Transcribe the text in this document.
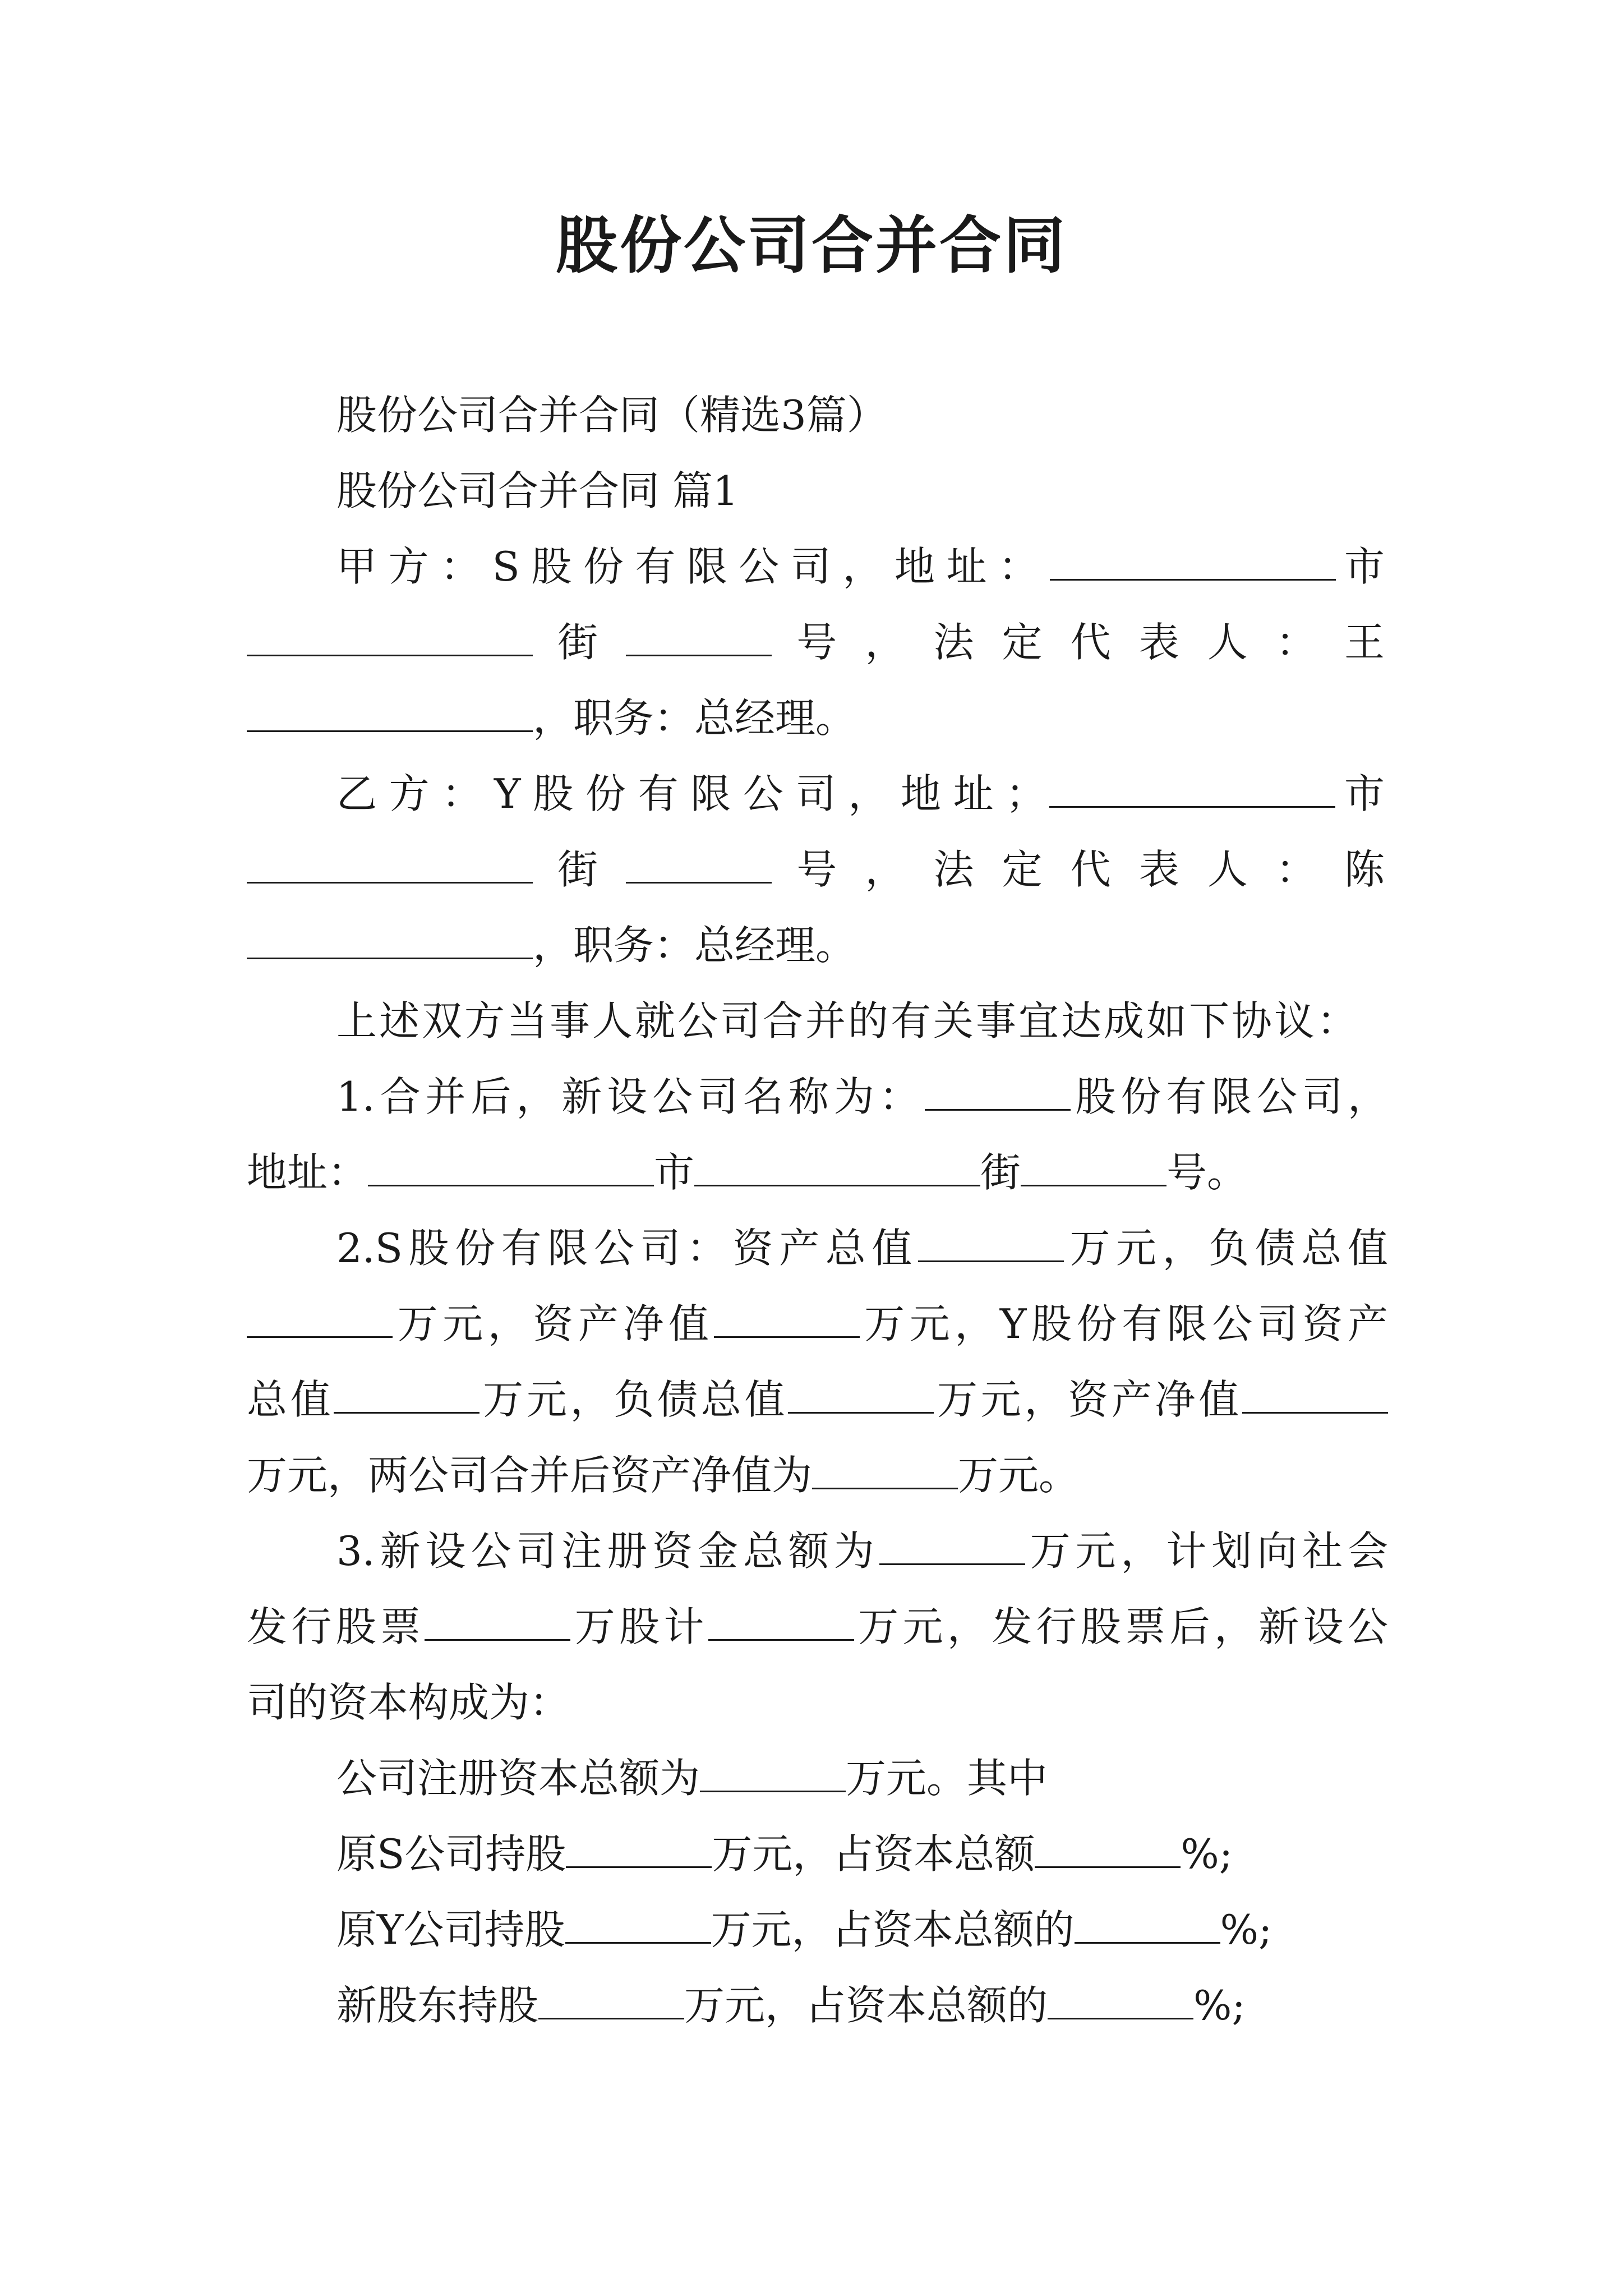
股份公司合并合同
股份公司合并合同（精选3篇）
股份公司合并合同 篇1
甲方：S股份有限公司，地址：	市
街	号，法定代表人：王
，职务：总经理。
乙方：Y股份有限公司，地址；	市
街	号，法定代表人：陈
，职务：总经理。
上述双方当事人就公司合并的有关事宜达成如下协议：
1.合并后，新设公司名称为：	股份有限公司，
地址：	市	街	号。
2.S股份有限公司：资产总值	万元，负债总值
万元，资产净值	万元，Y股份有限公司资产
总值	万元，负债总值	万元，资产净值
万元，两公司合并后资产净值为	万元。
3.新设公司注册资金总额为	万元，计划向社会
发行股票	万股计	万元，发行股票后，新设公
司的资本构成为：
公司注册资本总额为	万元。其中
原S公司持股	万元，占资本总额	%;
原Y公司持股	万元，占资本总额的	%;
新股东持股	万元，占资本总额的	%;
